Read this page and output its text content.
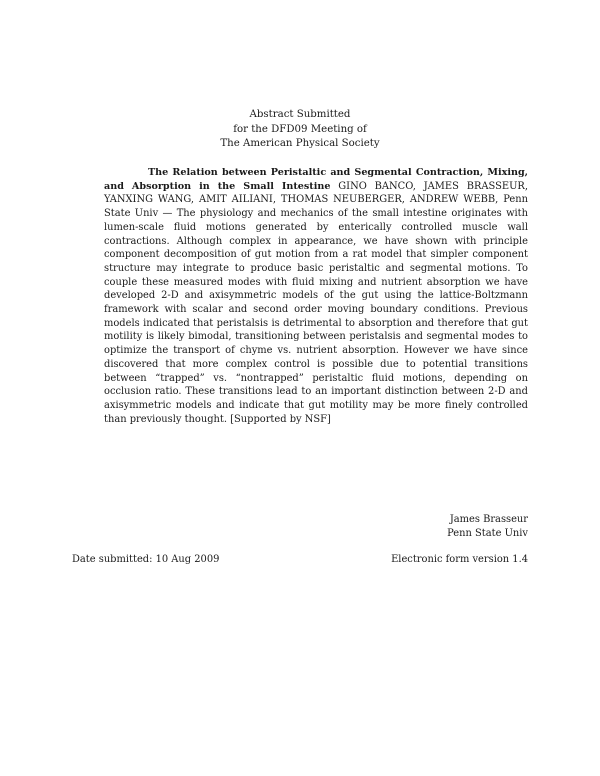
Abstract Submitted
for the DFD09 Meeting of
The American Physical Society
The Relation between Peristaltic and Segmental Contraction, Mixing, and Absorption in the Small Intestine GINO BANCO, JAMES BRASSEUR, YANXING WANG, AMIT AILIANI, THOMAS NEUBERGER, ANDREW WEBB, Penn State Univ — The physiology and mechanics of the small intestine originates with lumen-scale fluid motions generated by enterically controlled muscle wall contractions. Although complex in appearance, we have shown with principle component decomposition of gut motion from a rat model that simpler component structure may integrate to produce basic peristaltic and segmental motions. To couple these measured modes with fluid mixing and nutrient absorption we have developed 2-D and axisymmetric models of the gut using the lattice-Boltzmann framework with scalar and second order moving boundary conditions. Previous models indicated that peristalsis is detrimental to absorption and therefore that gut motility is likely bimodal, transitioning between peristalsis and segmental modes to optimize the transport of chyme vs. nutrient absorption. However we have since discovered that more complex control is possible due to potential transitions between “trapped” vs. “nontrapped” peristaltic fluid motions, depending on occlusion ratio. These transitions lead to an important distinction between 2-D and axisymmetric models and indicate that gut motility may be more finely controlled than previously thought. [Supported by NSF]
James Brasseur
Penn State Univ
Date submitted: 10 Aug 2009	Electronic form version 1.4
